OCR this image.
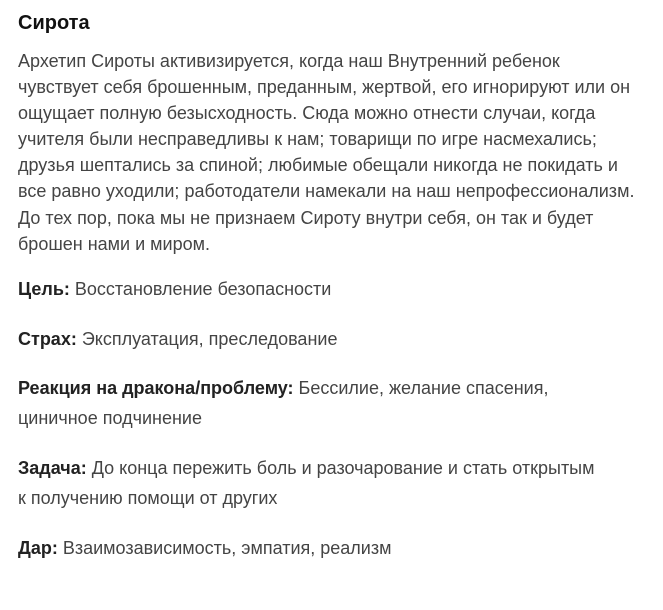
Сирота

Архетип Сироты активизируется, когда наш Внутренний ребенок чувствует себя брошенным, преданным, жертвой, его игнорируют или он ощущает полную безысходность. Сюда можно отнести случаи, когда учителя были несправедливы к нам; товарищи по игре насмехались; друзья шептались за спиной; любимые обещали никогда не покидать и все равно уходили; работодатели намекали на наш непрофессионализм. До тех пор, пока мы не признаем Сироту внутри себя, он так и будет брошен нами и миром.

Цель: Восстановление безопасности

Страх: Эксплуатация, преследование

Реакция на дракона/проблему: Бессилие, желание спасения,
циничное подчинение

Задача: До конца пережить боль и разочарование и стать открытым
к получению помощи от других

Дар: Взаимозависимость, эмпатия, реализм
